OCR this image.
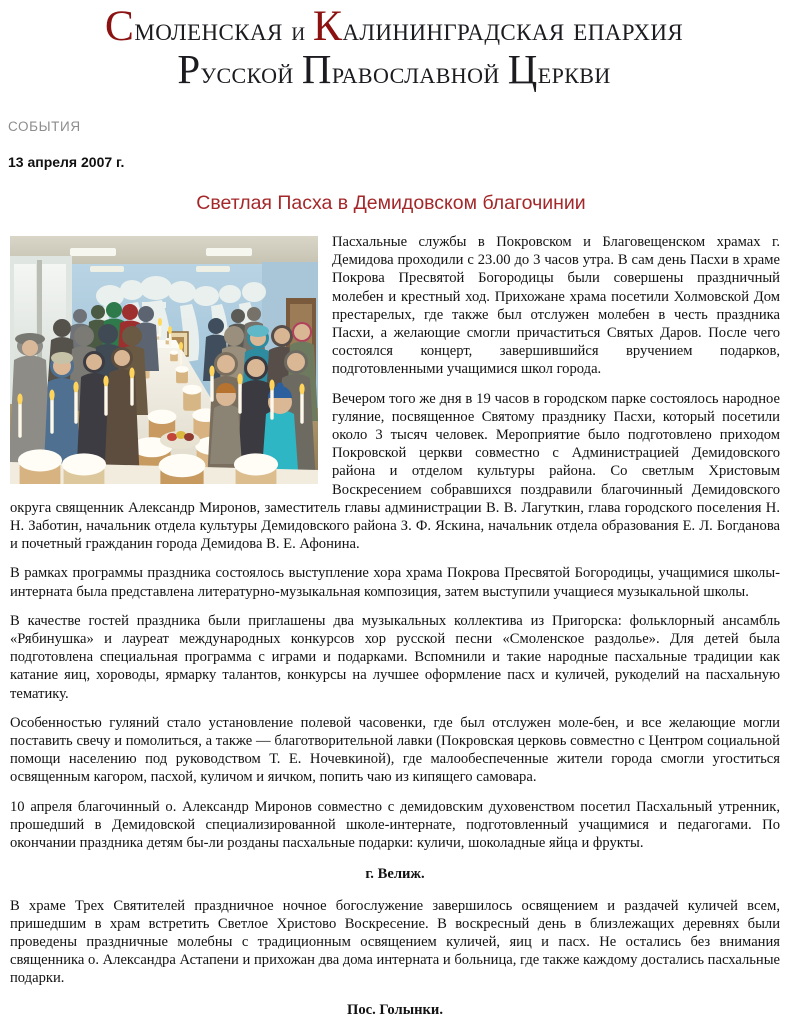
Смоленская и Калининградская епархия
Русской Православной Церкви
СОБЫТИЯ
13 апреля 2007 г.
Светлая Пасха в Демидовском благочинии

Пасхальные службы в Покровском и Благовещенском храмах г. Демидова проходили с 23.00 до 3 часов утра. В сам день Пасхи в храме Покрова Пресвятой Богородицы были совершены праздничный молебен и крестный ход. Прихожане храма посетили Холмовской Дом престарелых, где также был отслужен молебен в честь праздника Пасхи, а желающие смогли причаститься Святых Даров. После чего состоялся концерт, завершившийся вручением подарков, подготовленными учащимися школ города.

Вечером того же дня в 19 часов в городском парке состоялось народное гуляние, посвященное Святому празднику Пасхи, который посетили около 3 тысяч человек. Мероприятие было подготовлено приходом Покровской церкви совместно с Администрацией Демидовского района и отделом культуры района. Со светлым Христовым Воскресением собравшихся поздравили благочинный Демидовского округа священник Александр Миронов, заместитель главы администрации В. В. Лагуткин, глава городского поселения Н. Н. Заботин, начальник отдела культуры Демидовского района З. Ф. Яскина, начальник отдела образования Е. Л. Богданова и почетный гражданин города Демидова В. Е. Афонина.

В рамках программы праздника состоялось выступление хора храма Покрова Пресвятой Богородицы, учащимися школы-интерната была представлена литературно-музыкальная композиция, затем выступили учащиеся музыкальной школы.

В качестве гостей праздника были приглашены два музыкальных коллектива из Пригорска: фольклорный ансамбль «Рябинушка» и лауреат международных конкурсов хор русской песни «Смоленское раздолье». Для детей была подготовлена специальная программа с играми и подарками. Вспомнили и такие народные пасхальные традиции как катание яиц, хороводы, ярмарку талантов, конкурсы на лучшее оформление пасх и куличей, рукоделий на пасхальную тематику.

Особенностью гуляний стало установление полевой часовенки, где был отслужен моле-бен, и все желающие могли поставить свечу и помолиться, а также — благотворительной лавки (Покровская церковь совместно с Центром социальной помощи населению под руководством Т. Е. Ночевкиной), где малообеспеченные жители города смогли угоститься освященным кагором, пасхой, куличом и яичком, попить чаю из кипящего самовара.

10 апреля благочинный о. Александр Миронов совместно с демидовским духовенством посетил Пасхальный утренник, прошедший в Демидовской специализированной школе-интернате, подготовленный учащимися и педагогами. По окончании праздника детям бы-ли розданы пасхальные подарки: куличи, шоколадные яйца и фрукты.

г. Велиж.

В храме Трех Святителей праздничное ночное богослужение завершилось освящением и раздачей куличей всем, пришедшим в храм встретить Светлое Христово Воскресение. В воскресный день в близлежащих деревнях были проведены праздничные молебны с традиционным освящением куличей, яиц и пасх. Не остались без внимания священника о. Александра Астапени и прихожан два дома интерната и больница, где также каждому достались пасхальные подарки.

Пос. Голынки.
